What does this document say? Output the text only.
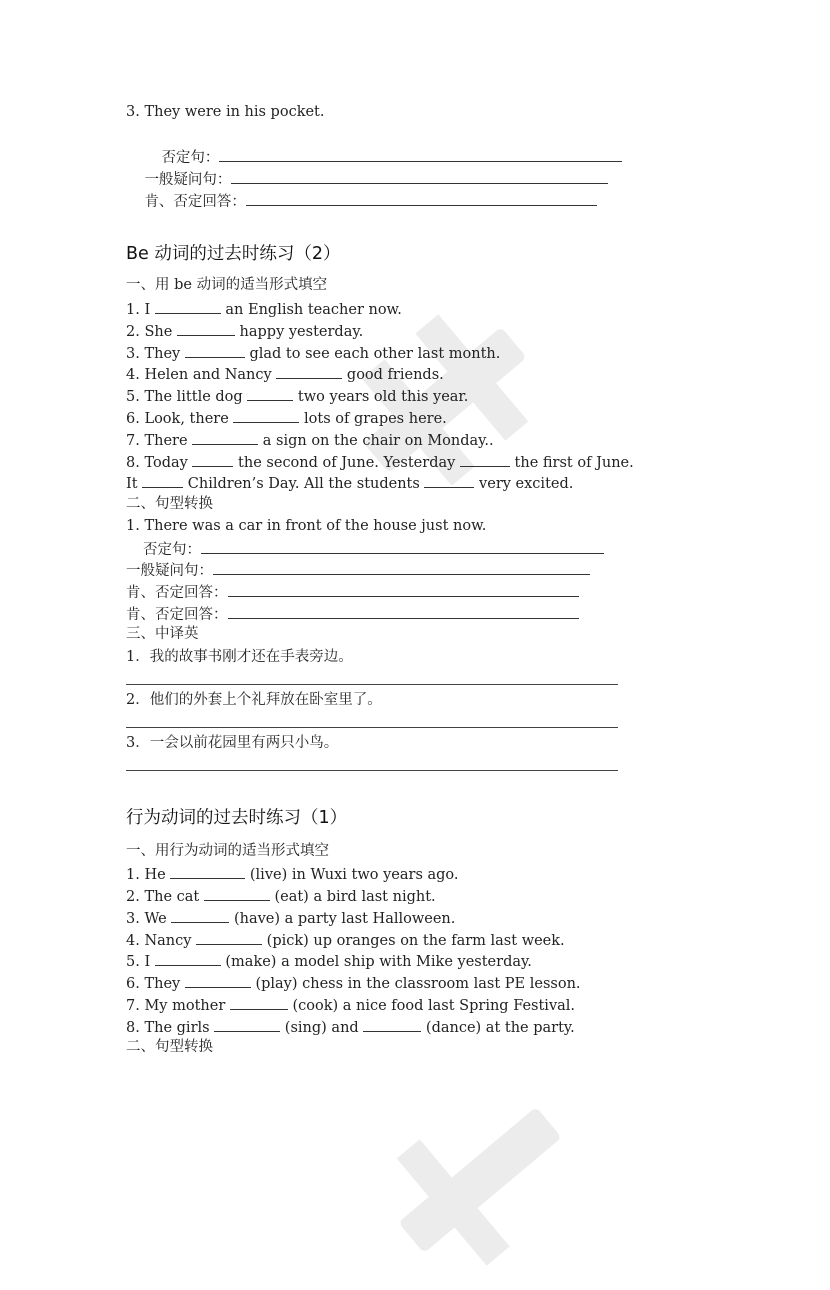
3. They were in his pocket.

否定句：

一般疑问句：

肯、否定回答：

Be 动词的过去时练习（2）
一、用 be 动词的适当形式填空
1. I	an English teacher now.
2. She	happy yesterday.
3. They	glad to see each other last month.
4. Helen and Nancy	good friends.
5. The little dog	two years old this year.
6. Look, there	lots of grapes here.
7. There	a sign on the chair on Monday..
8. Today	the second of June. Yesterday	the first of June.
It	Children’s Day. All the students	very excited.
二、句型转换
1. There was a car in front of the house just now.
否定句：
一般疑问句：
肯、否定回答：
肯、否定回答：
三、中译英
1．我的故事书刚才还在手表旁边。
2．他们的外套上个礼拜放在卧室里了。
3．一会以前花园里有两只小鸟。
行为动词的过去时练习（1）
一、用行为动词的适当形式填空
1. He	(live) in Wuxi two years ago.
2. The cat	(eat) a bird last night.
3. We	(have) a party last Halloween.
4. Nancy	(pick) up oranges on the farm last week.
5. I	(make) a model ship with Mike yesterday.
6. They	(play) chess in the classroom last PE lesson.
7. My mother	(cook) a nice food last Spring Festival.
8. The girls	(sing) and	(dance) at the party.
二、句型转换
